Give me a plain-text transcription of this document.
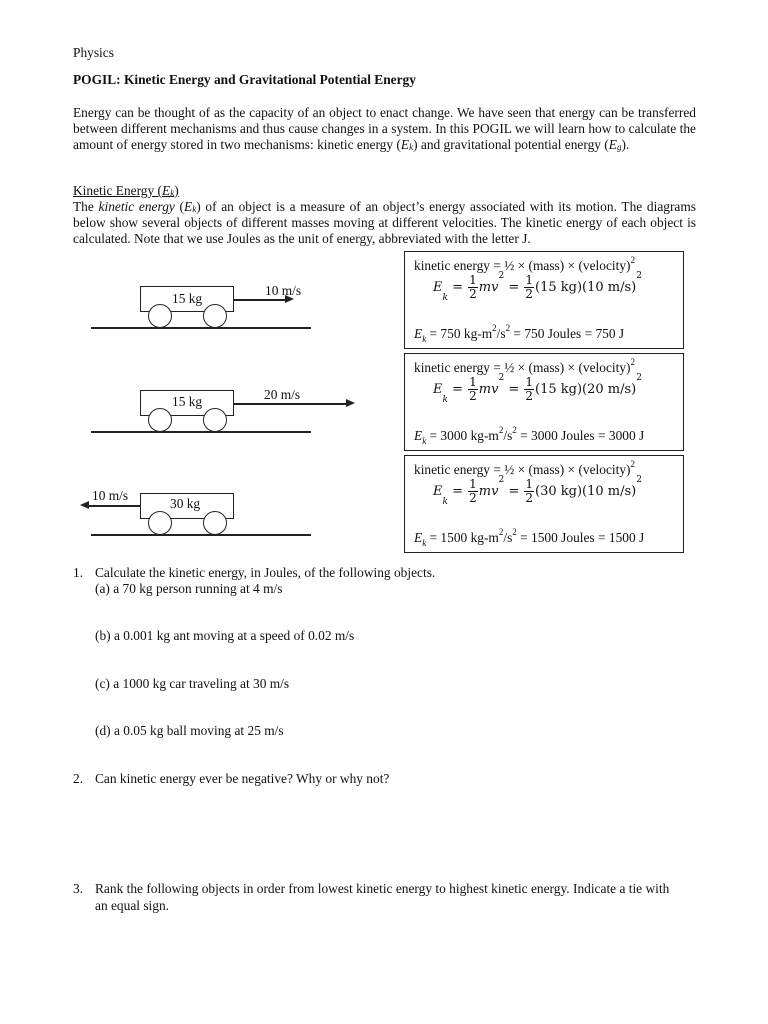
Physics
POGIL: Kinetic Energy and Gravitational Potential Energy
Energy can be thought of as the capacity of an object to enact change. We have seen that energy can be transferred between different mechanisms and thus cause changes in a system. In this POGIL we will learn how to calculate the amount of energy stored in two mechanisms: kinetic energy $(E_k)$ and gravitational potential energy $(E_g)$.
Kinetic Energy $(E_k)$
The kinetic energy $(E_k)$ of an object is a measure of an object’s energy associated with its motion. The diagrams below show several objects of different masses moving at different velocities. The kinetic energy of each object is calculated. Note that we use Joules as the unit of energy, abbreviated with the letter J.
15 kg
10 m/s
kinetic energy = ½ × (mass) × (velocity)$^2$
$E_k = \frac{1}{2} mv^2 = \frac{1}{2} (15$ kg)(10 m/s)$^2$
$E_k = 750$ $kg-m^2/s^2 = 750$ Joules = 750 J
15 kg	20 m/s
kinetic energy = ½ × (mass) × (velocity)$^2$
$E_k = \frac{1}{2} mv^2 = \frac{1}{2} (15$ kg)(20 m/s)$^2$
$E_k = 3000$ $kg-m^2/s^2 = 3000$ Joules = 3000 J
30 kg
10 m/s
kinetic energy = ½ × (mass) × (velocity)$^2$
$E_k = \frac{1}{2} mv^2 = \frac{1}{2} (30$ kg)(10 m/s)$^2$
$E_k = 1500$ $kg-m^2/s^2 = 1500$ Joules = 1500 J
1. Calculate the kinetic energy, in Joules, of the following objects.
(a) a 70 kg person running at 4 m/s
(b) a 0.001 kg ant moving at a speed of 0.02 m/s
(c) a 1000 kg car traveling at 30 m/s
(d) a 0.05 kg ball moving at 25 m/s
2. Can kinetic energy ever be negative? Why or why not?
3. Rank the following objects in order from lowest kinetic energy to highest kinetic energy. Indicate a tie with
an equal sign.
